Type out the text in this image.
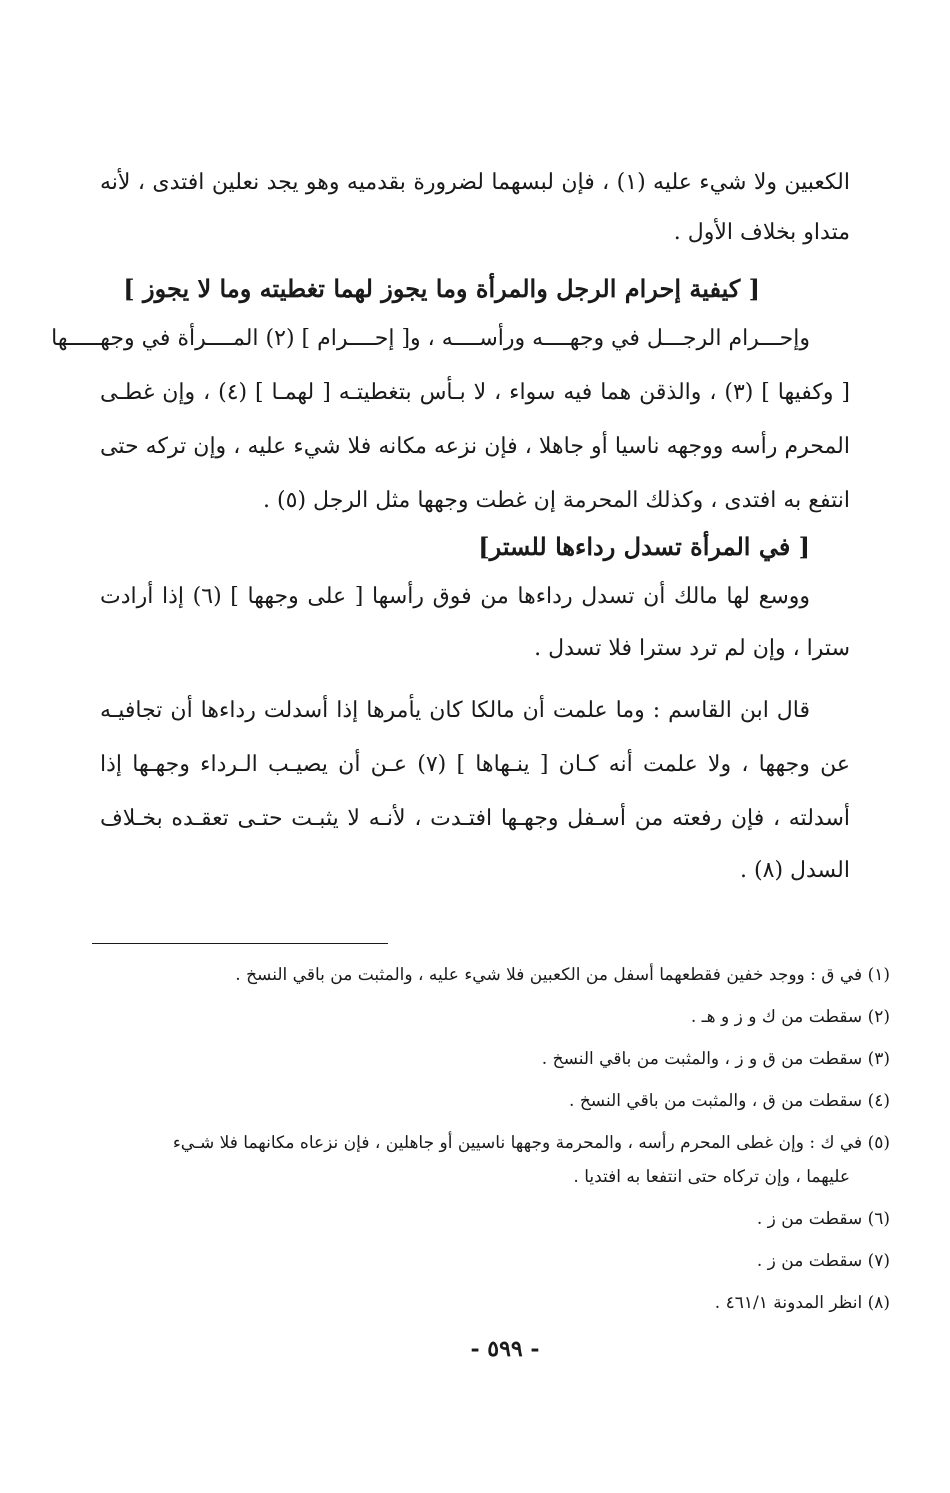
الكعبين ولا شيء عليه (١) ، فإن لبسهما لضرورة بقدميه وهو يجد نعلين افتدى ، لأنه
متداو بخلاف الأول .
[ كيفية إحرام الرجل والمرأة وما يجوز لهما تغطيته وما لا يجوز ]
وإحـــرام الرجـــل في وجهــــه ورأســــه ، و[ إحــــرام ] (٢) المــــرأة في وجهـــــها
[ وكفيها ] (٣) ، والذقن هما فيه سواء ، لا بـأس بتغطيتـه [ لهمـا ] (٤) ، وإن غطـى
المحرم رأسه ووجهه ناسيا أو جاهلا ، فإن نزعه مكانه فلا شيء عليه ، وإن تركه حتى
انتفع به افتدى ، وكذلك المحرمة إن غطت وجهها مثل الرجل (٥) .
[ في المرأة تسدل رداءها للستر]
ووسع لها مالك أن تسدل رداءها من فوق رأسها [ على وجهها ] (٦) إذا أرادت
سترا ، وإن لم ترد سترا فلا تسدل .
قال ابن القاسم : وما علمت أن مالكا كان يأمرها إذا أسدلت رداءها أن تجافيـه
عن وجهها ، ولا علمت أنه كـان [ ينـهاها ] (٧) عـن أن يصيـب الـرداء وجهـها إذا
أسدلته ، فإن رفعته من أسـفل وجهـها افتـدت ، لأنـه لا يثبـت حتـى تعقـده بخـلاف
السدل (٨) .
(١) في ق : ووجد خفين فقطعهما أسفل من الكعبين فلا شيء عليه ، والمثبت من باقي النسخ .
(٢) سقطت من ك و ز و هـ .
(٣) سقطت من ق و ز ، والمثبت من باقي النسخ .
(٤) سقطت من ق ، والمثبت من باقي النسخ .
(٥) في ك : وإن غطى المحرم رأسه ، والمحرمة وجهها ناسيين أو جاهلين ، فإن نزعاه مكانهما فلا شـيء
عليهما ، وإن تركاه حتى انتفعا به افتديا .
(٦) سقطت من ز .
(٧) سقطت من ز .
(٨) انظر المدونة ٤٦١/١ .
- ٥٩٩ -
